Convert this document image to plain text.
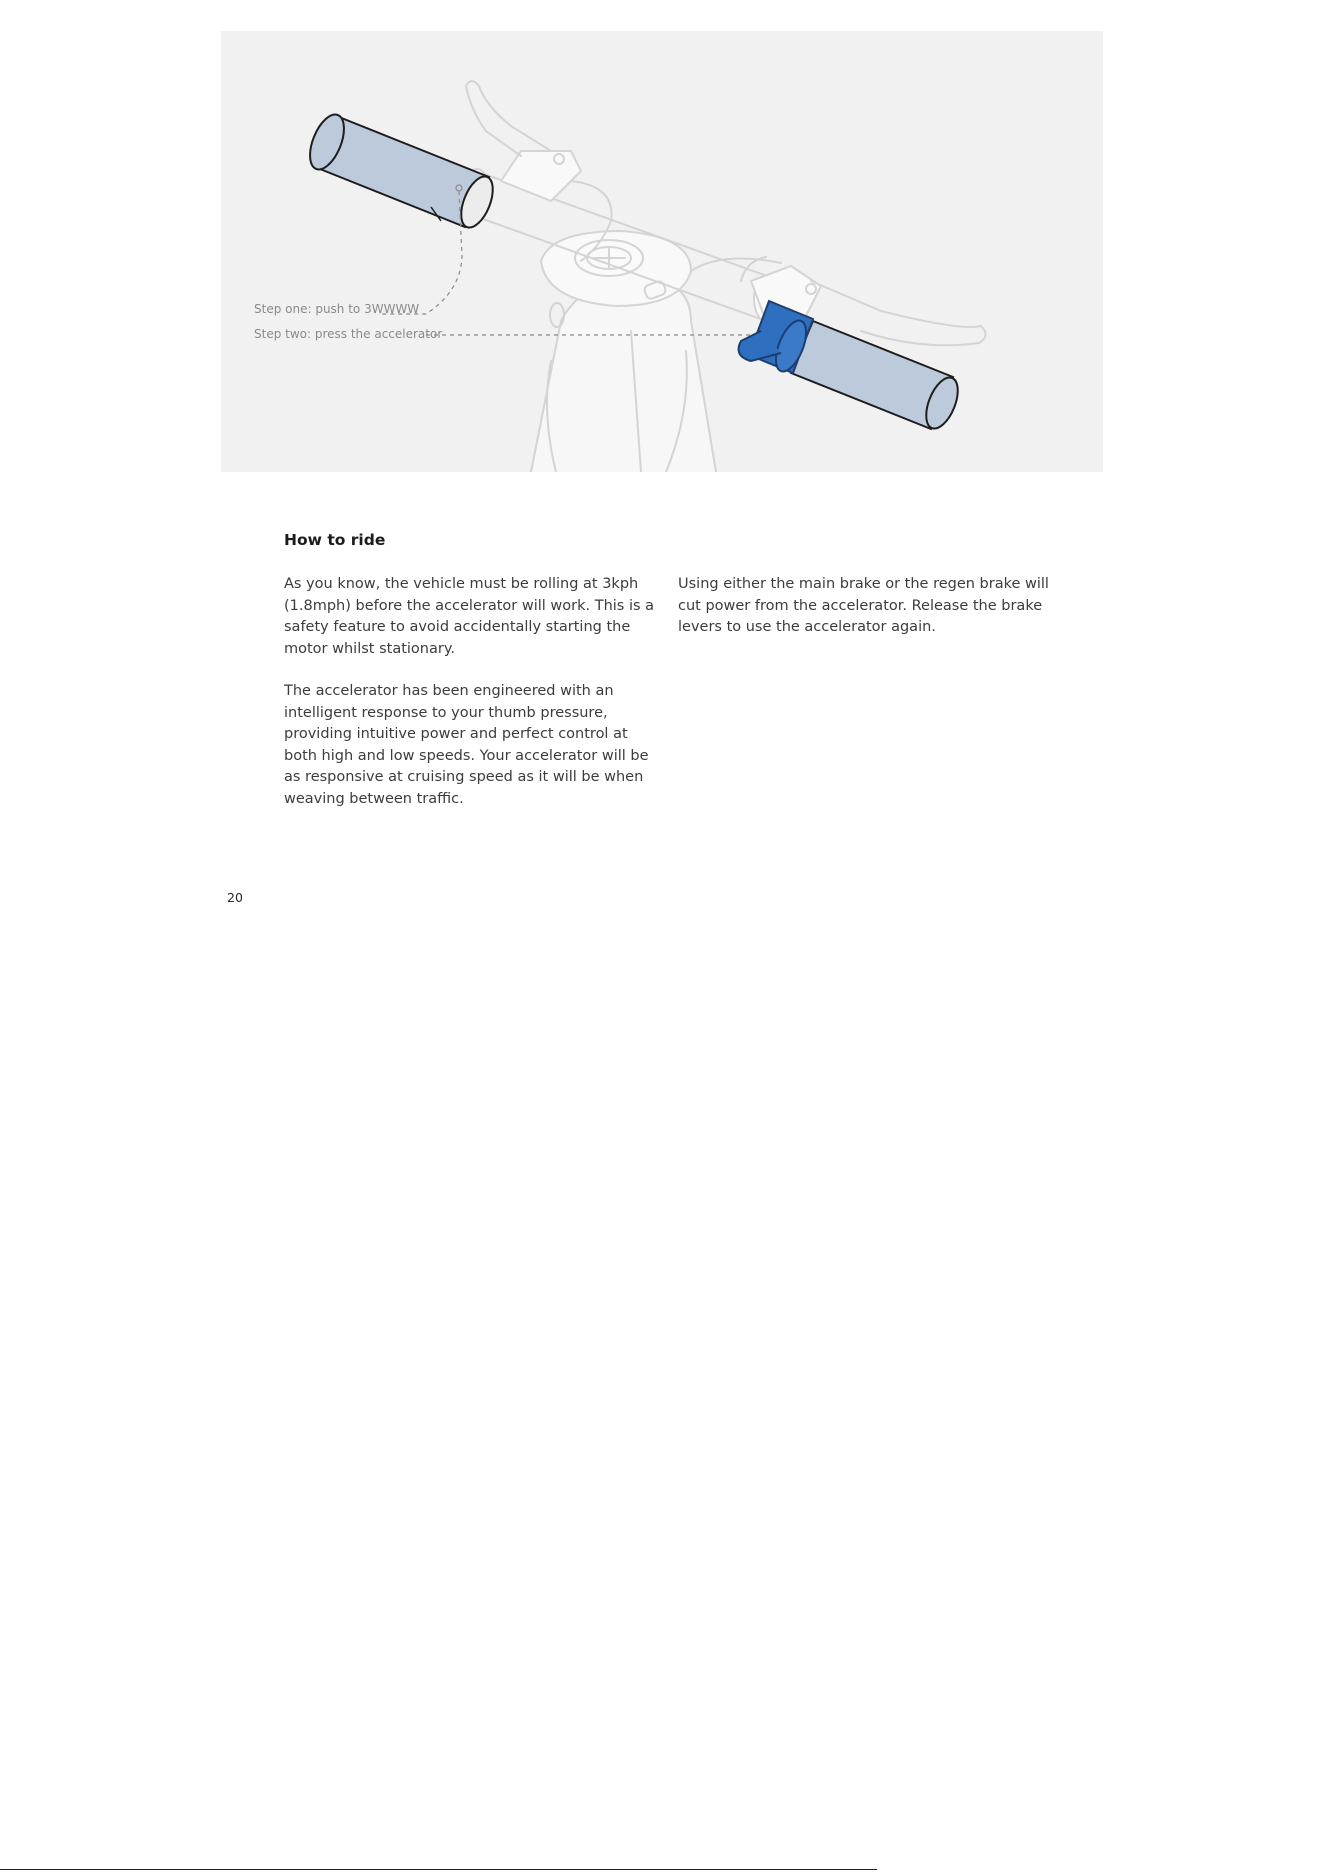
Step one: push to 3WWWW
Step two: press the accelerator
How to ride

As you know, the vehicle must be rolling at 3kph (1.8mph) before the accelerator will work. This is a safety feature to avoid accidentally starting the motor whilst stationary.

The accelerator has been engineered with an intelligent response to your thumb pressure, providing intuitive power and perfect control at both high and low speeds. Your accelerator will be as responsive at cruising speed as it will be when weaving between traffic.

Using either the main brake or the regen brake will cut power from the accelerator. Release the brake levers to use the accelerator again.

20
